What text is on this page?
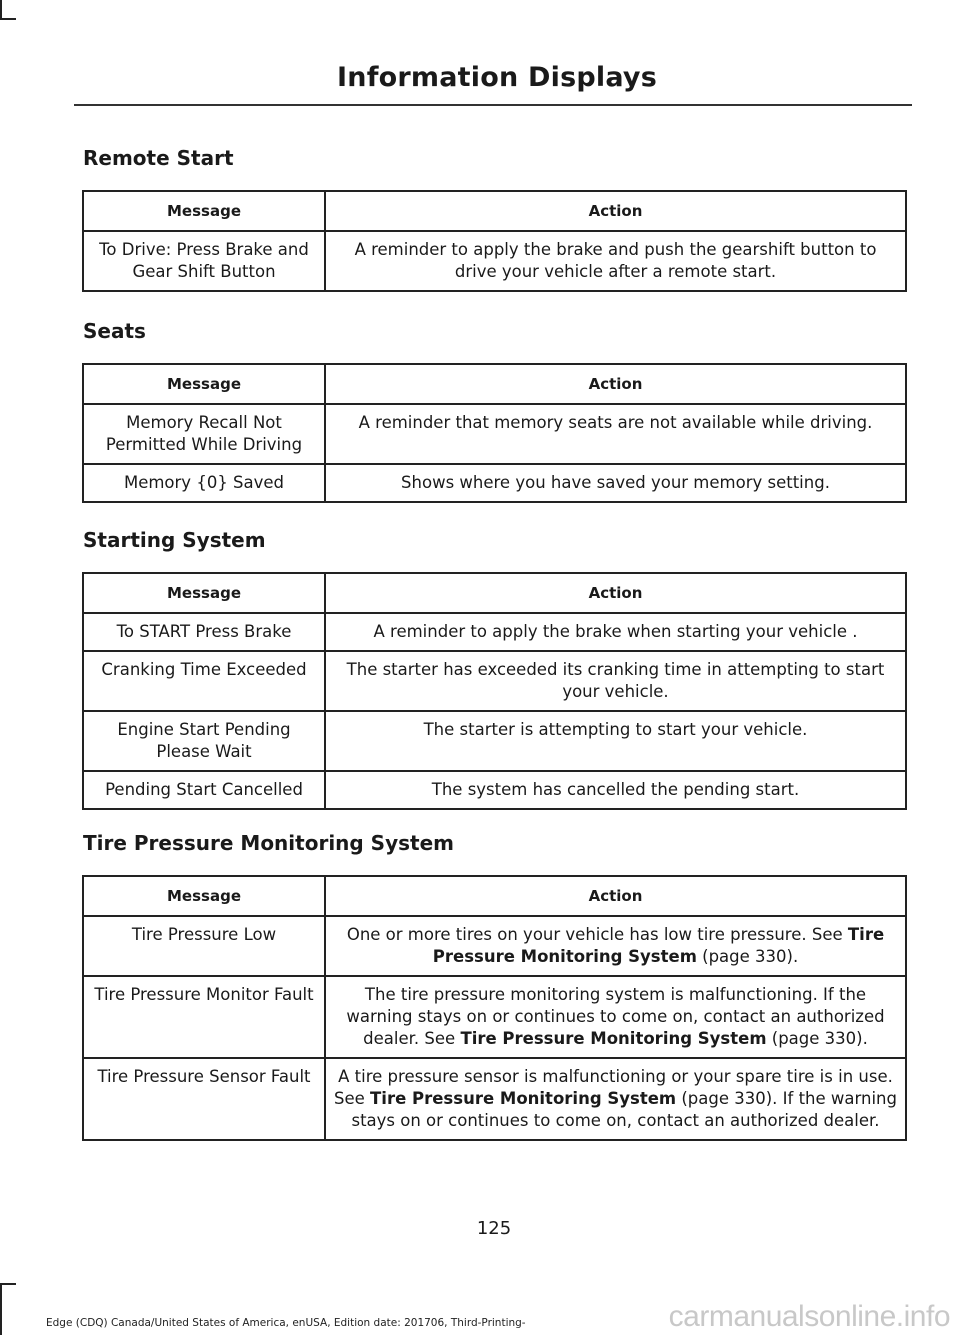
Information Displays
Remote Start
Message	Action
To Drive: Press Brake and Gear Shift Button	A reminder to apply the brake and push the gearshift button to drive your vehicle after a remote start.
Seats
Message	Action
Memory Recall Not Permitted While Driving	A reminder that memory seats are not available while driving.
Memory {0} Saved	Shows where you have saved your memory setting.
Starting System
Message	Action
To START Press Brake	A reminder to apply the brake when starting your vehicle .
Cranking Time Exceeded	The starter has exceeded its cranking time in attempting to start your vehicle.
Engine Start Pending Please Wait	The starter is attempting to start your vehicle.
Pending Start Cancelled	The system has cancelled the pending start.
Tire Pressure Monitoring System
Message	Action
Tire Pressure Low	One or more tires on your vehicle has low tire pressure. See Tire Pressure Monitoring System (page 330).
Tire Pressure Monitor Fault	The tire pressure monitoring system is malfunctioning. If the warning stays on or continues to come on, contact an authorized dealer. See Tire Pressure Monitoring System (page 330).
Tire Pressure Sensor Fault	A tire pressure sensor is malfunctioning or your spare tire is in use. See Tire Pressure Monitoring System (page 330). If the warning stays on or continues to come on, contact an authorized dealer.
125
Edge (CDQ) Canada/United States of America, enUSA, Edition date: 201706, Third-Printing-	carmanualsonline.info
